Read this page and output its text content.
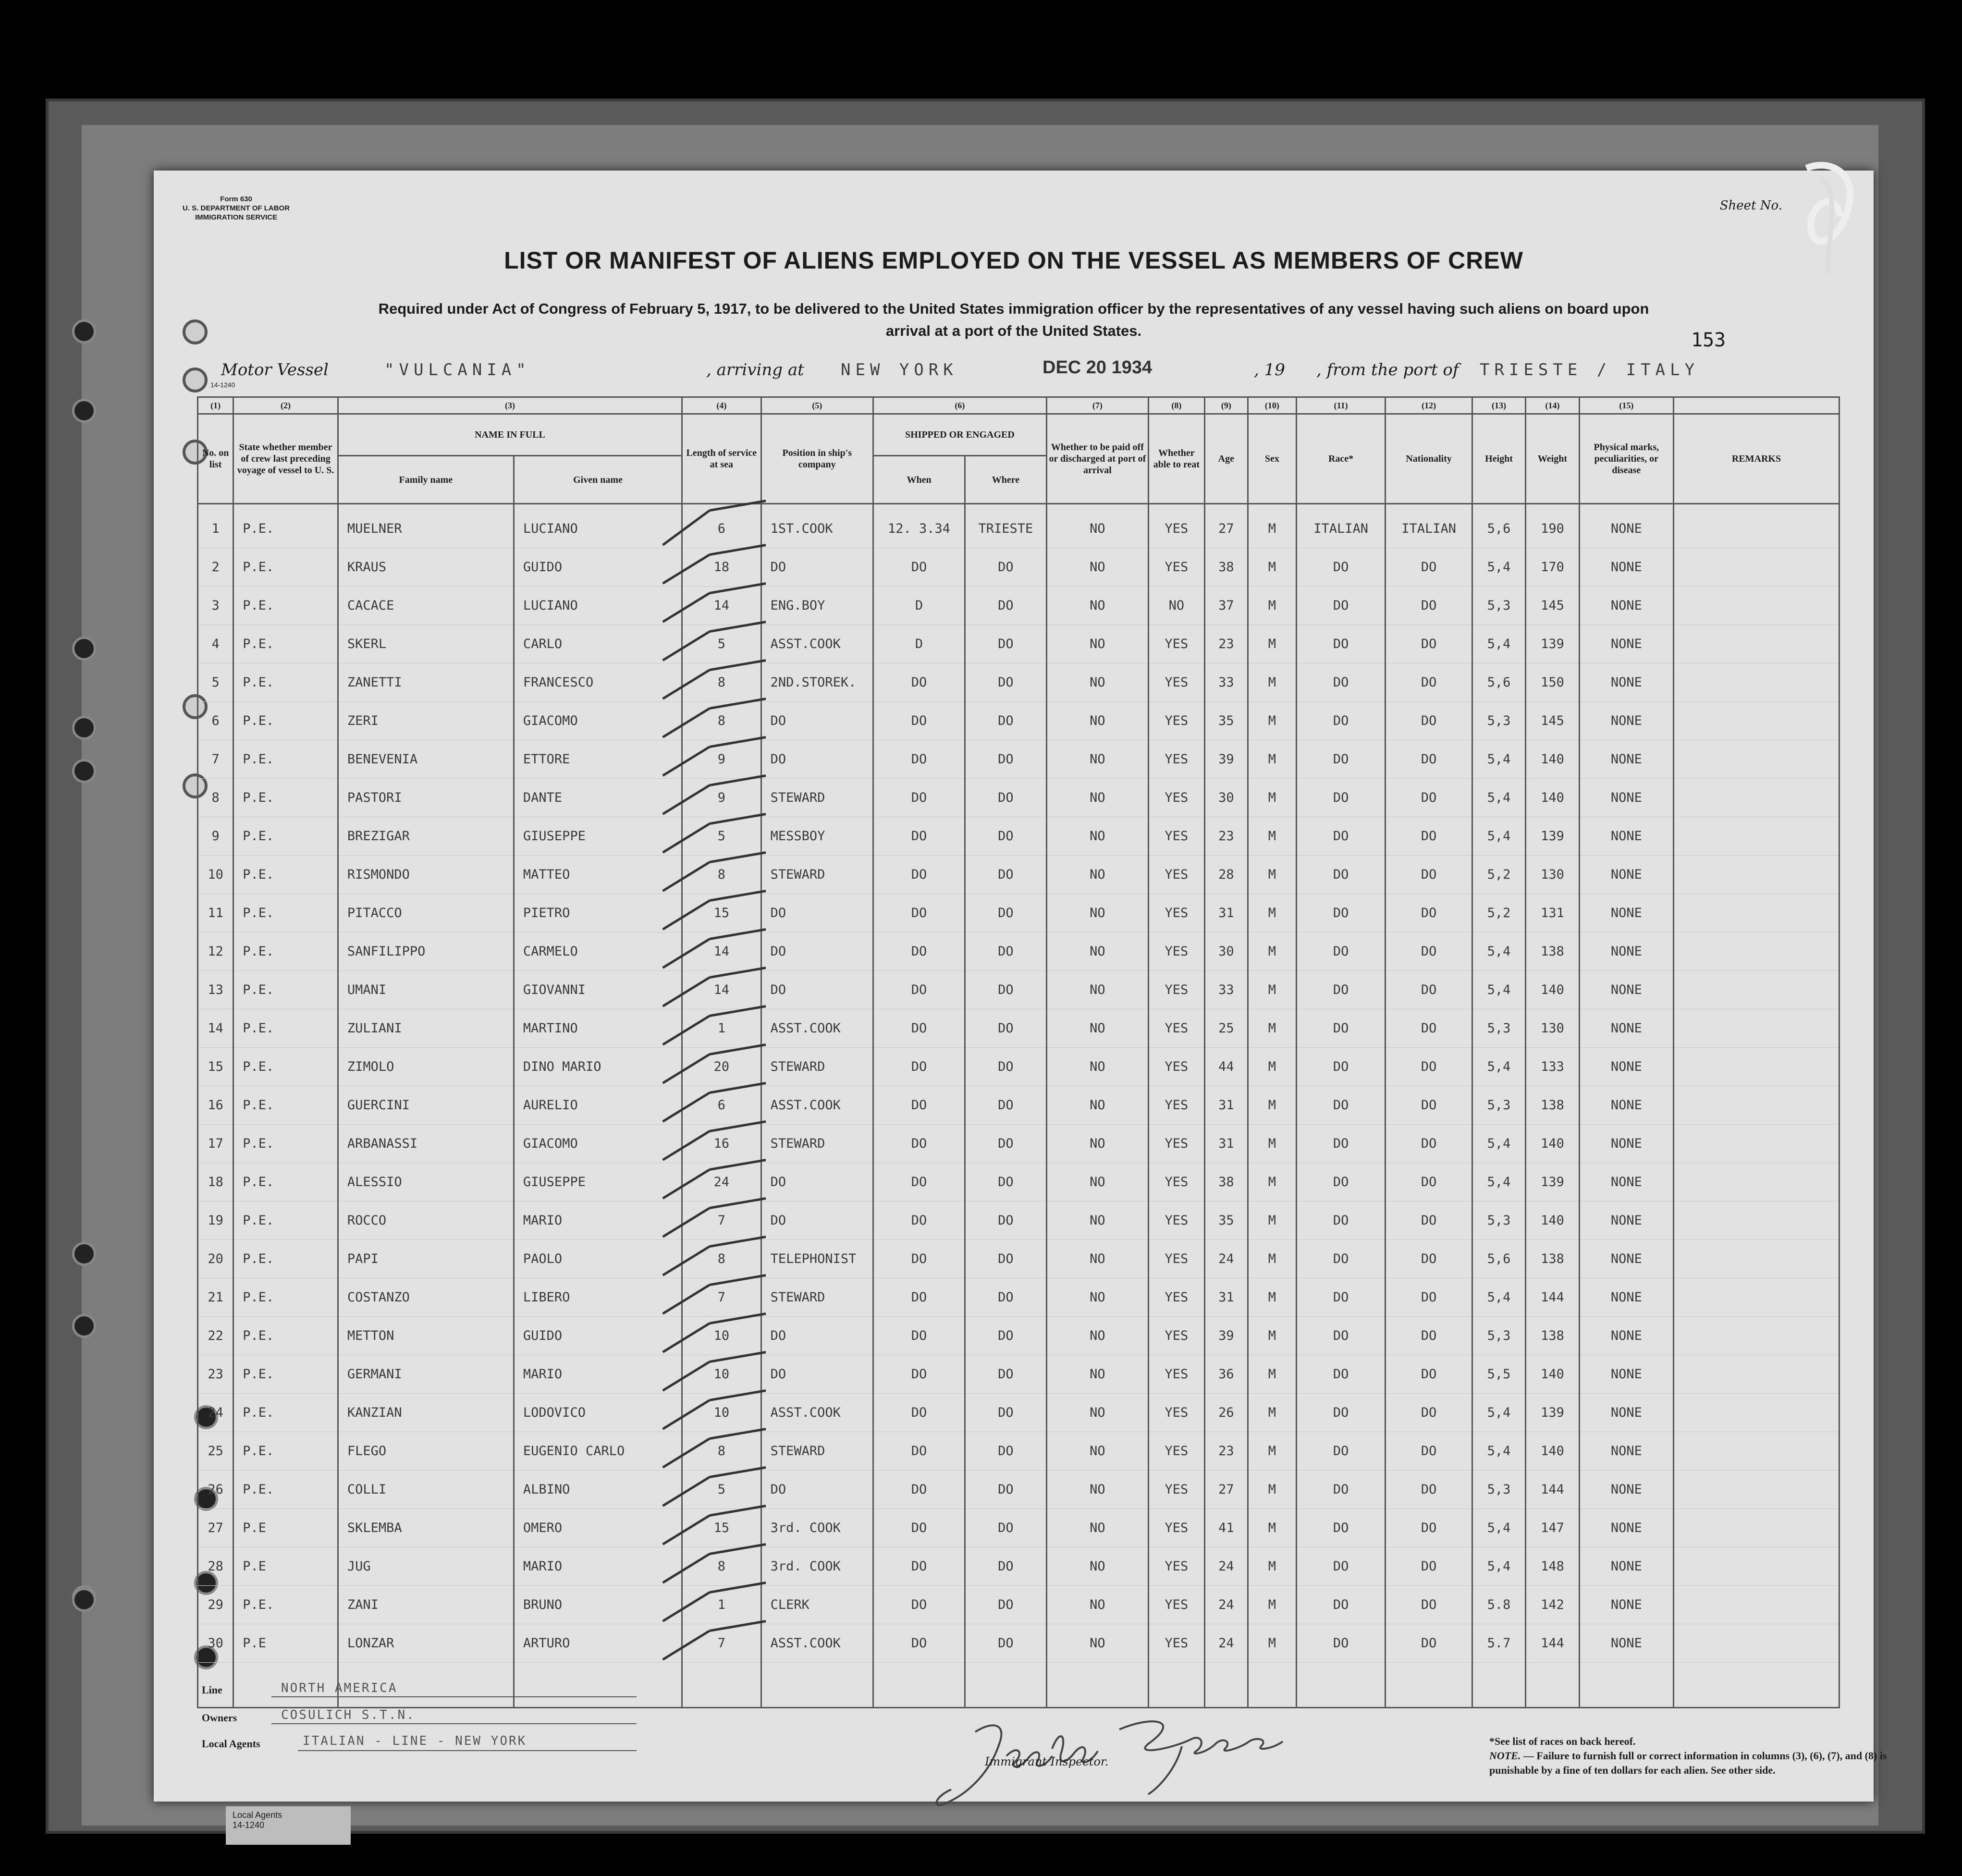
Form 630
U. S. DEPARTMENT OF LABOR
IMMIGRATION SERVICE
Sheet No.
LIST OR MANIFEST OF ALIENS EMPLOYED ON THE VESSEL AS MEMBERS OF CREW
Required under Act of Congress of February 5, 1917, to be delivered to the United States immigration officer by the representatives of any vessel having such aliens on board upon
arrival at a port of the United States.	153
Motor Vessel	"VULCANIA"	, arriving at NEW YORK	DEC 20 1934	, 19 , from the port of TRIESTE / ITALY
14-1240
(1)	(2)	(3)		(4)	(5)	(6)		(7)	(8)	(9)	(10)	(11)	(12)	(13)	(14)	(15)	
No. on list	State whether member of crew last preceding voyage of vessel to U. S.	NAME IN FULL		Length of service at sea	Position in ship's company	SHIPPED OR ENGAGED		Whether to be paid off or discharged at port of arrival	Whether able to reat	Age	Sex	Race*	Nationality	Height	Weight	Physical marks, peculiarities, or disease	REMARKS
		Family name	Given name			When	Where										
1	P.E.	MUELNER	LUCIANO	6	1ST.COOK	12. 3.34	TRIESTE	NO	YES	27	M	ITALIAN	ITALIAN	5,6	190	NONE	
2	P.E.	KRAUS	GUIDO	18	DO	DO	DO	NO	YES	38	M	DO	DO	5,4	170	NONE	
3	P.E.	CACACE	LUCIANO	14	ENG.BOY	D	DO	NO	NO	37	M	DO	DO	5,3	145	NONE	
4	P.E.	SKERL	CARLO	5	ASST.COOK	D	DO	NO	YES	23	M	DO	DO	5,4	139	NONE	
5	P.E.	ZANETTI	FRANCESCO	8	2ND.STOREK.	DO	DO	NO	YES	33	M	DO	DO	5,6	150	NONE	
6	P.E.	ZERI	GIACOMO	8	DO	DO	DO	NO	YES	35	M	DO	DO	5,3	145	NONE	
7	P.E.	BENEVENIA	ETTORE	9	DO	DO	DO	NO	YES	39	M	DO	DO	5,4	140	NONE	
8	P.E.	PASTORI	DANTE	9	STEWARD	DO	DO	NO	YES	30	M	DO	DO	5,4	140	NONE	
9	P.E.	BREZIGAR	GIUSEPPE	5	MESSBOY	DO	DO	NO	YES	23	M	DO	DO	5,4	139	NONE	
10	P.E.	RISMONDO	MATTEO	8	STEWARD	DO	DO	NO	YES	28	M	DO	DO	5,2	130	NONE	
11	P.E.	PITACCO	PIETRO	15	DO	DO	DO	NO	YES	31	M	DO	DO	5,2	131	NONE	
12	P.E.	SANFILIPPO	CARMELO	14	DO	DO	DO	NO	YES	30	M	DO	DO	5,4	138	NONE	
13	P.E.	UMANI	GIOVANNI	14	DO	DO	DO	NO	YES	33	M	DO	DO	5,4	140	NONE	
14	P.E.	ZULIANI	MARTINO	1	ASST.COOK	DO	DO	NO	YES	25	M	DO	DO	5,3	130	NONE	
15	P.E.	ZIMOLO	DINO MARIO	20	STEWARD	DO	DO	NO	YES	44	M	DO	DO	5,4	133	NONE	
16	P.E.	GUERCINI	AURELIO	6	ASST.COOK	DO	DO	NO	YES	31	M	DO	DO	5,3	138	NONE	
17	P.E.	ARBANASSI	GIACOMO	16	STEWARD	DO	DO	NO	YES	31	M	DO	DO	5,4	140	NONE	
18	P.E.	ALESSIO	GIUSEPPE	24	DO	DO	DO	NO	YES	38	M	DO	DO	5,4	139	NONE	
19	P.E.	ROCCO	MARIO	7	DO	DO	DO	NO	YES	35	M	DO	DO	5,3	140	NONE	
20	P.E.	PAPI	PAOLO	8	TELEPHONIST	DO	DO	NO	YES	24	M	DO	DO	5,6	138	NONE	
21	P.E.	COSTANZO	LIBERO	7	STEWARD	DO	DO	NO	YES	31	M	DO	DO	5,4	144	NONE	
22	P.E.	METTON	GUIDO	10	DO	DO	DO	NO	YES	39	M	DO	DO	5,3	138	NONE	
23	P.E.	GERMANI	MARIO	10	DO	DO	DO	NO	YES	36	M	DO	DO	5,5	140	NONE	
24	P.E.	KANZIAN	LODOVICO	10	ASST.COOK	DO	DO	NO	YES	26	M	DO	DO	5,4	139	NONE	
25	P.E.	FLEGO	EUGENIO CARLO	8	STEWARD	DO	DO	NO	YES	23	M	DO	DO	5,4	140	NONE	
26	P.E.	COLLI	ALBINO	5	DO	DO	DO	NO	YES	27	M	DO	DO	5,3	144	NONE	
27	P.E	SKLEMBA	OMERO	15	3rd. COOK	DO	DO	NO	YES	41	M	DO	DO	5,4	147	NONE	
28	P.E	JUG	MARIO	8	3rd. COOK	DO	DO	NO	YES	24	M	DO	DO	5,4	148	NONE	
29	P.E.	ZANI	BRUNO	1	CLERK	DO	DO	NO	YES	24	M	DO	DO	5.8	142	NONE	
30	P.E	LONZAR	ARTURO	7	ASST.COOK	DO	DO	NO	YES	24	M	DO	DO	5.7	144	NONE	

Line	NORTH AMERICA
Owners	COSULICH S.T.N.
Local Agents	ITALIAN - LINE - NEW YORK
Immigrant Inspector.

*See list of races on back hereof.

NOTE. — Failure to furnish full or correct information in columns (3), (6), (7), and (8) is punishable by a fine of ten dollars for each alien. See other side.

Local Agents
14-1240
